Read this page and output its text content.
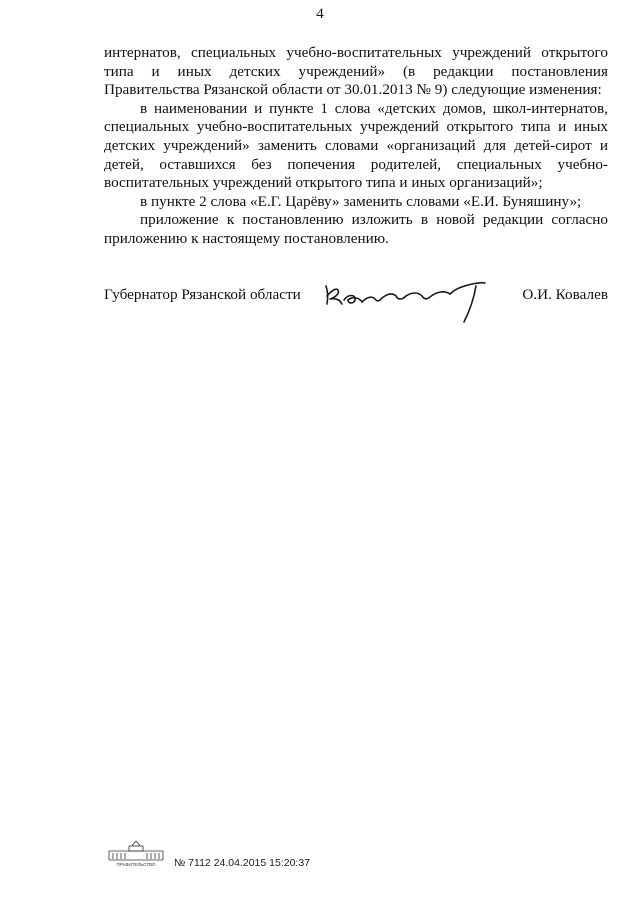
4

интернатов, специальных учебно-воспитательных учреждений открытого типа и иных детских учреждений» (в редакции постановления Правительства Рязанской области от 30.01.2013 № 9) следующие изменения:

в наименовании и пункте 1 слова «детских домов, школ-интернатов, специальных учебно-воспитательных учреждений открытого типа и иных детских учреждений» заменить словами «организаций для детей-сирот и детей, оставшихся без попечения родителей, специальных учебно-воспитательных учреждений открытого типа и иных организаций»;

в пункте 2 слова «Е.Г. Царёву» заменить словами «Е.И. Буняшину»;

приложение к постановлению изложить в новой редакции согласно приложению к настоящему постановлению.

Губернатор Рязанской области	О.И. Ковалев
ПРАВИТЕЛЬСТВО № 7112 24.04.2015 15:20:37
